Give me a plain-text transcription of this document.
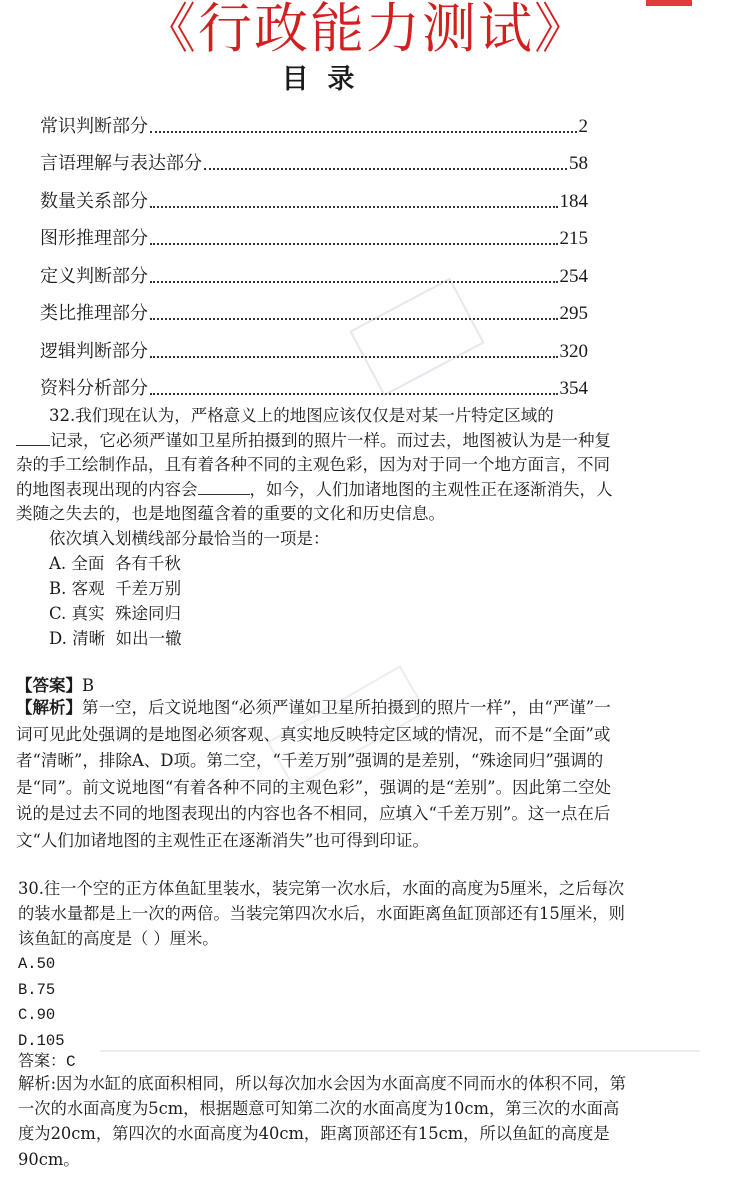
《行政能力测试》
目  录
常识判断部分	2
言语理解与表达部分	58
数量关系部分	184
图形推理部分	215
定义判断部分	254
类比推理部分	295
逻辑判断部分	320
资料分析部分	354

32.我们现在认为，严格意义上的地图应该仅仅是对某一片特定区域的
记录，它必须严谨如卫星所拍摄到的照片一样。而过去，地图被认为是一种复杂的手工绘制作品，且有着各种不同的主观色彩，因为对于同一个地方面言，不同的地图表现出现的内容会	，如今，人们加诸地图的主观性正在逐渐消失，人类随之失去的，也是地图蕴含着的重要的文化和历史信息。
依次填入划横线部分最恰当的一项是：

A. 全面  各有千秋
B. 客观  千差万别
C. 真实  殊途同归
D. 清晰  如出一辙
【答案】B

【解析】第一空，后文说地图“必须严谨如卫星所拍摄到的照片一样”，由“严谨”一词可见此处强调的是地图必须客观、真实地反映特定区域的情况，而不是“全面”或者“清晰”，排除A、D项。第二空，“千差万别”强调的是差别，“殊途同归”强调的是“同”。前文说地图“有着各种不同的主观色彩”，强调的是“差别”。因此第二空处说的是过去不同的地图表现出的内容也各不相同，应填入“千差万别”。这一点在后文“人们加诸地图的主观性正在逐渐消失”也可得到印证。

30.往一个空的正方体鱼缸里装水，装完第一次水后，水面的高度为5厘米，之后每次的装水量都是上一次的两倍。当装完第四次水后，水面距离鱼缸顶部还有15厘米，则该鱼缸的高度是（ ）厘米。

A.50
B.75
C.90
D.105
答案：C

解析:因为水缸的底面积相同，所以每次加水会因为水面高度不同而水的体积不同，第一次的水面高度为5cm，根据题意可知第二次的水面高度为10cm，第三次的水面高度为20cm，第四次的水面高度为40cm，距离顶部还有15cm，所以鱼缸的高度是90cm。
